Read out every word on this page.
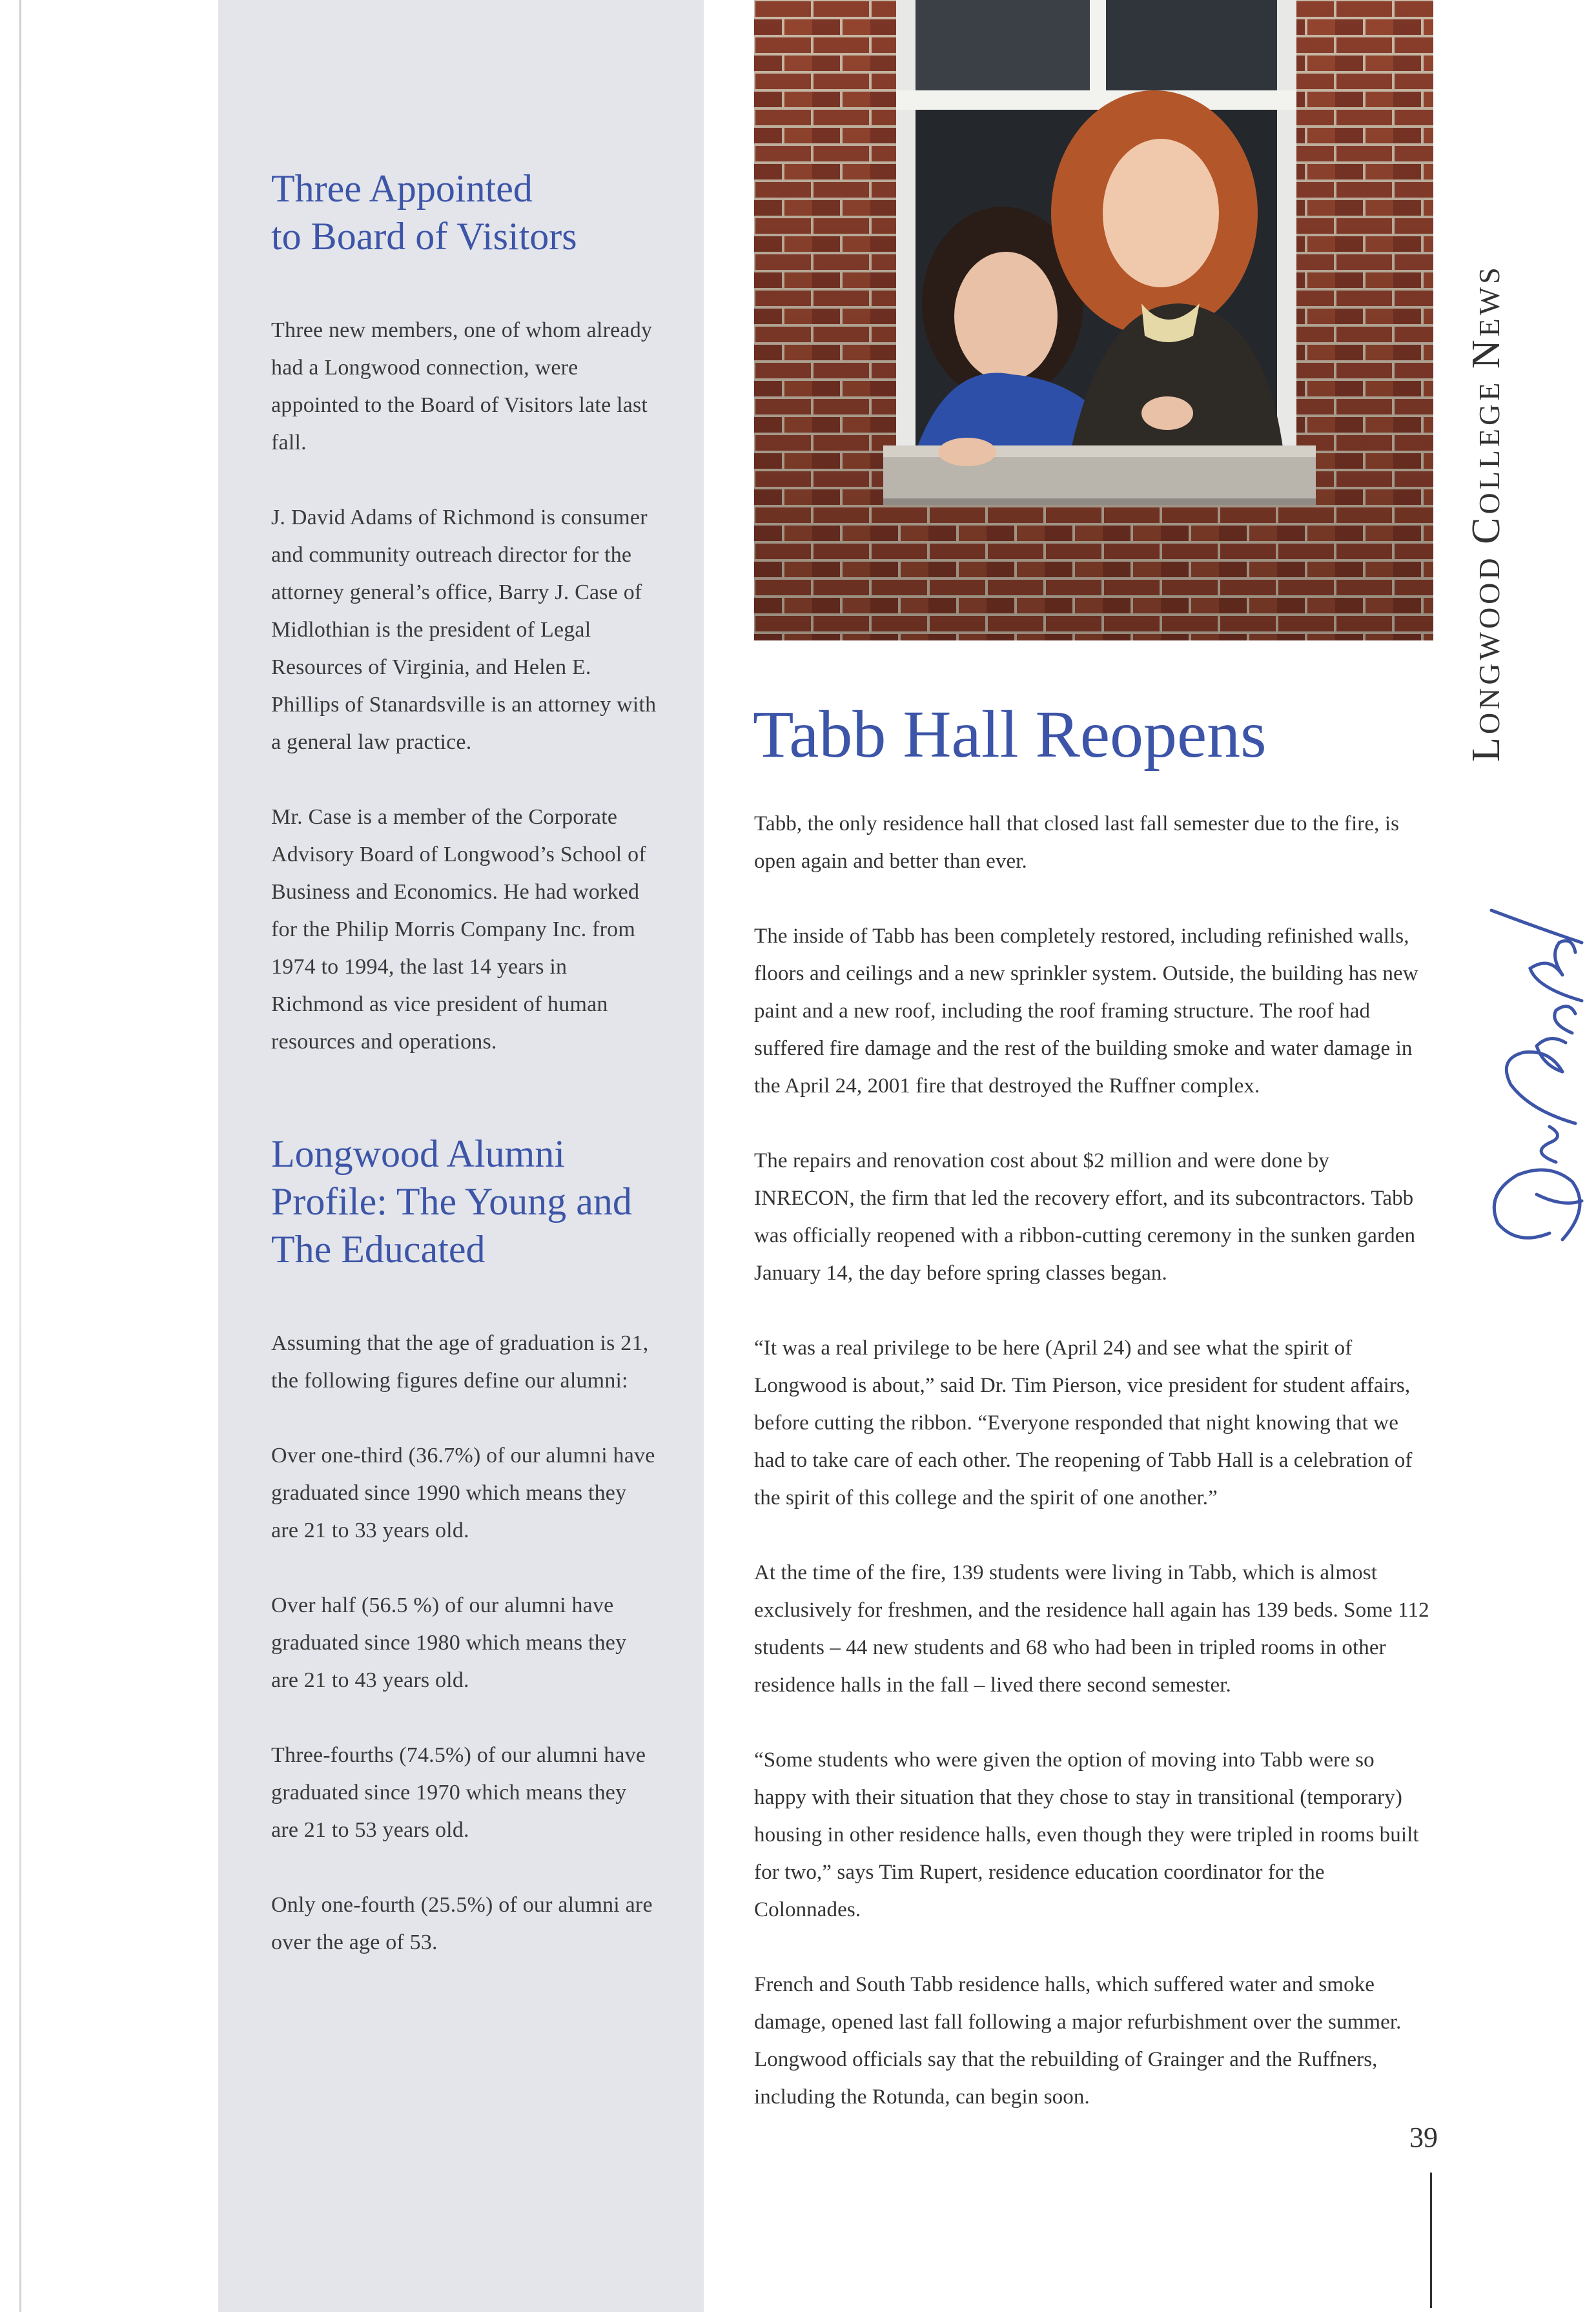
Three Appointed
to Board of Visitors

Three new members, one of whom already had a Longwood connection, were appointed to the Board of Visitors late last fall.

J. David Adams of Richmond is consumer and community outreach director for the attorney general’s office, Barry J. Case of Midlothian is the president of Legal Resources of Virginia, and Helen E. Phillips of Stanardsville is an attorney with a general law practice.

Mr. Case is a member of the Corporate Advisory Board of Longwood’s School of Business and Economics. He had worked for the Philip Morris Company Inc. from 1974 to 1994, the last 14 years in Richmond as vice president of human resources and operations.

Longwood Alumni
Profile: The Young and
The Educated

Assuming that the age of graduation is 21, the following figures define our alumni:

Over one-third (36.7%) of our alumni have graduated since 1990 which means they are 21 to 33 years old.

Over half (56.5 %) of our alumni have graduated since 1980 which means they are 21 to 43 years old.

Three-fourths (74.5%) of our alumni have graduated since 1970 which means they are 21 to 53 years old.

Only one-fourth (25.5%) of our alumni are over the age of 53.

Tabb Hall Reopens

Tabb, the only residence hall that closed last fall semester due to the fire, is open again and better than ever.

The inside of Tabb has been completely restored, including refinished walls, floors and ceilings and a new sprinkler system. Outside, the building has new paint and a new roof, including the roof framing structure. The roof had suffered fire damage and the rest of the building smoke and water damage in the April 24, 2001 fire that destroyed the Ruffner complex.

The repairs and renovation cost about $2 million and were done by INRECON, the firm that led the recovery effort, and its subcontractors. Tabb was officially reopened with a ribbon-cutting ceremony in the sunken garden January 14, the day before spring classes began.

“It was a real privilege to be here (April 24) and see what the spirit of Longwood is about,” said Dr. Tim Pierson, vice president for student affairs, before cutting the ribbon. “Everyone responded that night knowing that we had to take care of each other. The reopening of Tabb Hall is a celebration of the spirit of this college and the spirit of one another.”

At the time of the fire, 139 students were living in Tabb, which is almost exclusively for freshmen, and the residence hall again has 139 beds. Some 112 students – 44 new students and 68 who had been in tripled rooms in other residence halls in the fall – lived there second semester.

“Some students who were given the option of moving into Tabb were so happy with their situation that they chose to stay in transitional (temporary) housing in other residence halls, even though they were tripled in rooms built for two,” says Tim Rupert, residence education coordinator for the Colonnades.

French and South Tabb residence halls, which suffered water and smoke damage, opened last fall following a major refurbishment over the summer. Longwood officials say that the rebuilding of Grainger and the Ruffners, including the Rotunda, can begin soon.

LONGWOOD COLLEGE NEWS
39
